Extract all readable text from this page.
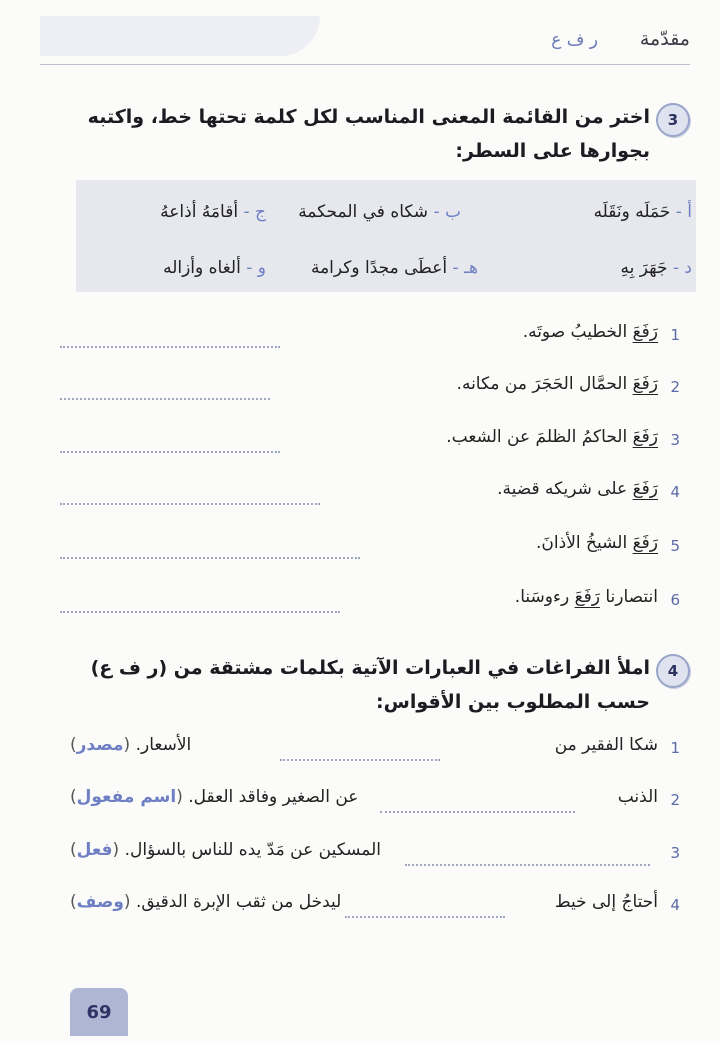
مقدّمة
ر ف ع
3
اختر من القائمة المعنى المناسب لكل كلمة تحتها خط، واكتبه
بجوارها على السطر:
أ - حَمَلَه ونَقَلَه
ب - شكاه في المحكمة
ج - أقامَهُ أذاعهُ
د - جَهَرَ بِهِ
هـ - أعطَى مجدًا وكرامة
و - ألغاه وأزاله
1
رَفَعَ الخطيبُ صوتَه.
2
رَفَعَ الحمَّال الحَجَرَ من مكانه.
3
رَفَعَ الحاكمُ الظلمَ عن الشعب.
4
رَفَعَ على شريكه قضية.
5
رَفَعَ الشيخُ الأذانَ.
6
انتصارنا رَفَعَ رءوسَنا.
4
املأ الفراغات في العبارات الآتية بكلمات مشتقة من (ر ف ع)
حسب المطلوب بين الأقواس:
1
شكا الفقير من
الأسعار. (مصدر)
2
الذنب
عن الصغير وفاقد العقل. (اسم مفعول)
3
المسكين عن مَدّ يده للناس بالسؤال. (فعل)
4
أحتاجُ إلى خيط
ليدخل من ثقب الإبرة الدقيق. (وصف)
69
